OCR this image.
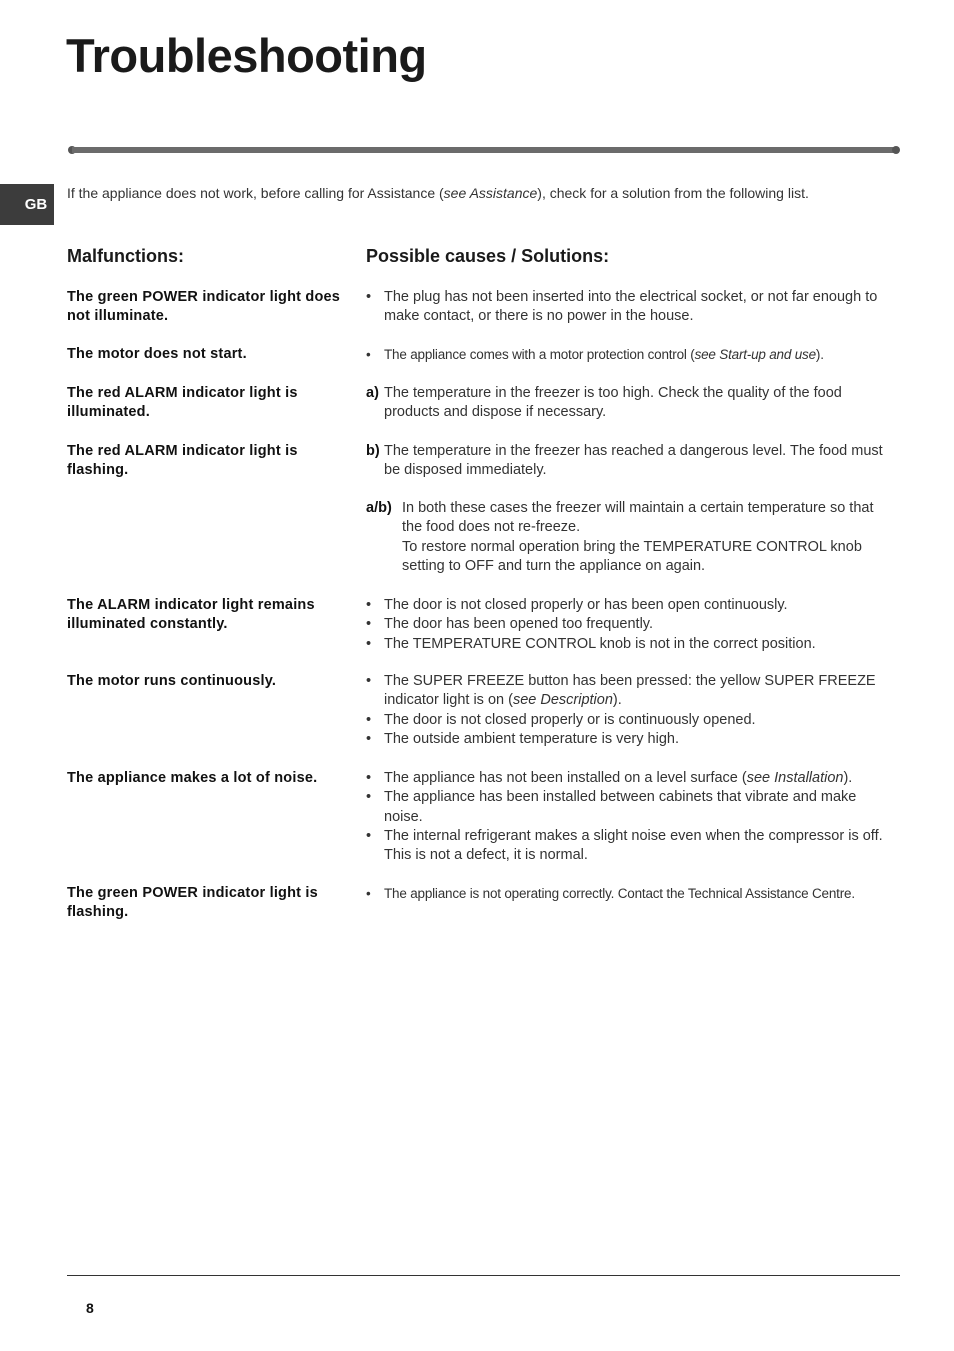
Troubleshooting
GB
If the appliance does not work, before calling for Assistance (see Assistance), check for a solution from the following list.
Malfunctions:	Possible causes / Solutions:
The green POWER indicator light does not illuminate.
The motor does not start.
The red ALARM indicator light is illuminated.
The red ALARM indicator light is flashing.
The ALARM indicator light remains illuminated constantly.
The motor runs continuously.
The appliance makes a lot of noise.
The green POWER indicator light is flashing.
• The plug has not been inserted into the electrical socket, or not far enough to make contact, or there is no power in the house.
• The appliance comes with a motor protection control (see Start-up and use).
a) The temperature in the freezer is too high. Check the quality of the food products and dispose if necessary.
b) The temperature in the freezer has reached a dangerous level. The food must be disposed immediately.
a/b) In both these cases the freezer will maintain a certain temperature so that the food does not re-freeze.
To restore normal operation bring the TEMPERATURE CONTROL knob setting to OFF and turn the appliance on again.
• The door is not closed properly or has been open continuously.
• The door has been opened too frequently.
• The TEMPERATURE CONTROL knob is not in the correct position.
• The SUPER FREEZE button has been pressed: the yellow SUPER FREEZE indicator light is on (see Description).
• The door is not closed properly or is continuously opened.
• The outside ambient temperature is very high.
• The appliance has not been installed on a level surface (see Installation).
• The appliance has been installed between cabinets that vibrate and make noise.
• The internal refrigerant makes a slight noise even when the compressor is off. This is not a defect, it is normal.
• The appliance is not operating correctly. Contact the Technical Assistance Centre.
8
